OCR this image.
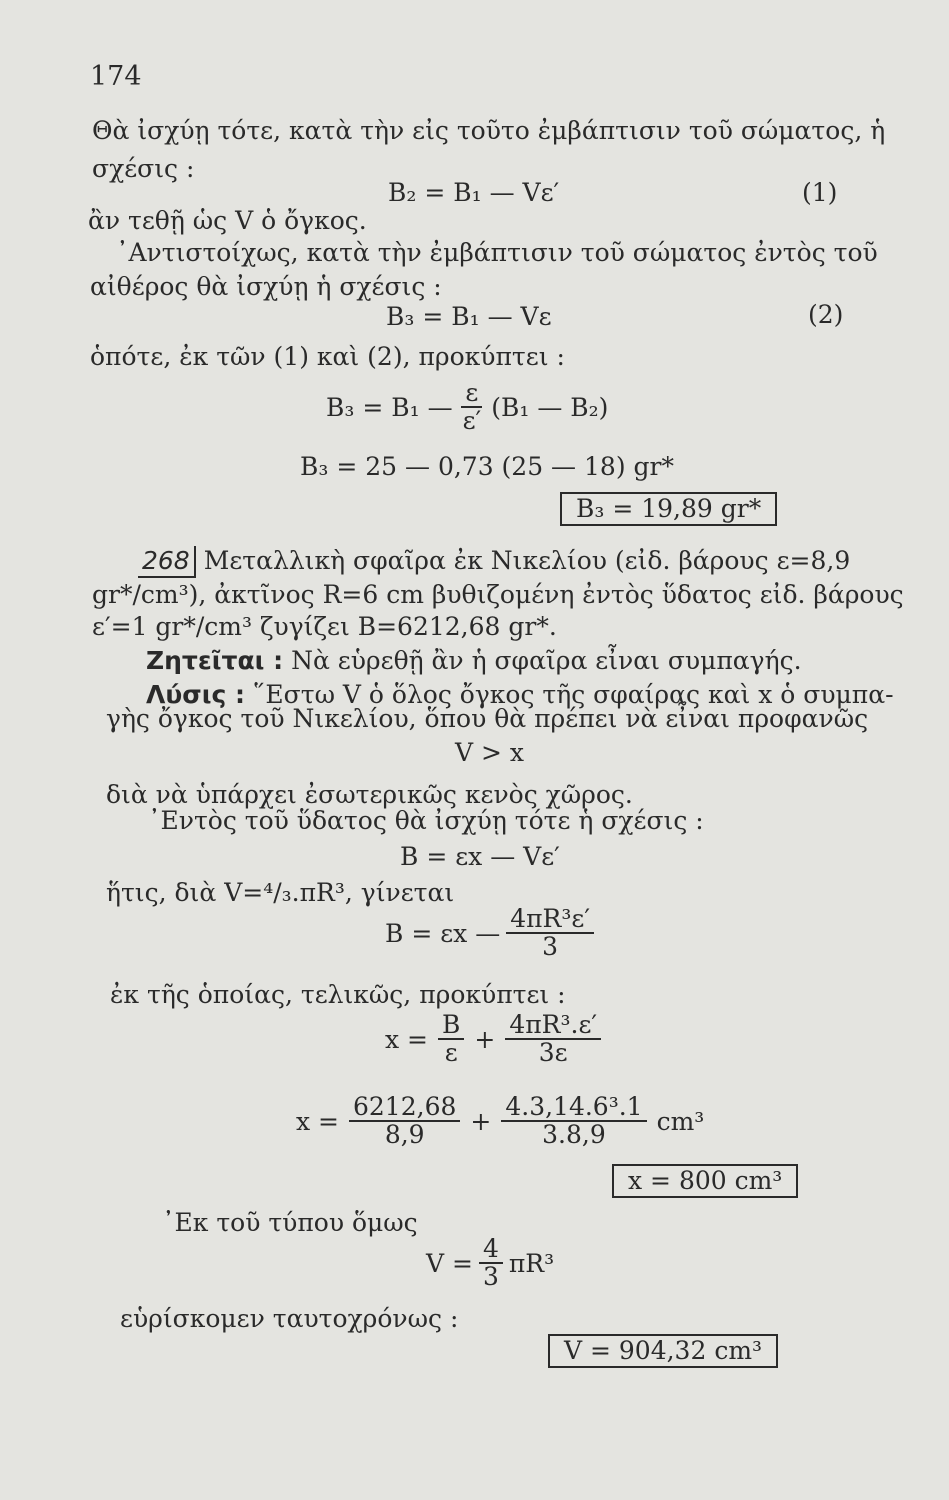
174
Θὰ ἰσχύῃ τότε, κατὰ τὴν εἰς τοῦτο ἐμβάπτισιν τοῦ σώματος, ἡ
σχέσις :
B₂ = B₁ — Vε′	(1)
ἂν τεθῇ ὡς V ὁ ὄγκος.
᾿Αντιστοίχως, κατὰ τὴν ἐμβάπτισιν τοῦ σώματος ἐντὸς τοῦ
αἰθέρος θὰ ἰσχύῃ ἡ σχέσις :
B₃ = B₁ — Vε	(2)
ὁπότε, ἐκ τῶν (1) καὶ (2), προκύπτει :
B₃ = B₁ — $\frac{\varepsilon}{\varepsilon'} (B_1$ — B₂)
B₃ = 25 — 0,73 (25 — 18) gr*
B₃ = 19,89 gr*
268 Μεταλλικὴ σφαῖρα ἐκ Νικελίου (εἰδ. βάρους ε=8,9
gr*/cm³), ἀκτῖνος R=6 cm βυθιζομένη ἐντὸς ὕδατος εἰδ. βάρους
ε′=1 gr*/cm³ ζυγίζει B=6212,68 gr*.
Ζητεῖται : Νὰ εὑρεθῇ ἂν ἡ σφαῖρα εἶναι συμπαγής.
Λύσις : ῞Εστω V ὁ ὅλος ὄγκος τῆς σφαίρας καὶ x ὁ συμπα-
γὴς ὄγκος τοῦ Νικελίου, ὅπου θὰ πρέπει νὰ εἶναι προφανῶς
V > x
διὰ νὰ ὑπάρχει ἐσωτερικῶς κενὸς χῶρος.
᾿Εντὸς τοῦ ὕδατος θὰ ἰσχύῃ τότε ἡ σχέσις :
B = εx — Vε′
ἥτις, διὰ V=⁴/₃.πR³, γίνεται
B = εx — $\frac{\text{4πR³ε′}}{3}$
ἐκ τῆς ὁποίας, τελικῶς, προκύπτει :
$x = \frac{B}{\varepsilon} + \frac{\text{4πR³.ε′}}{3\varepsilon}$
$x = \frac{6212,68}{8,9} + \frac{\text{4.3,14.6³.1}}{3.8,9} cm^3$
x = 800 cm³
᾿Εκ τοῦ τύπου ὅμως
$V = \frac{4}{3} \pi R^3$
εὑρίσκομεν ταυτοχρόνως :
V = 904,32 cm³
